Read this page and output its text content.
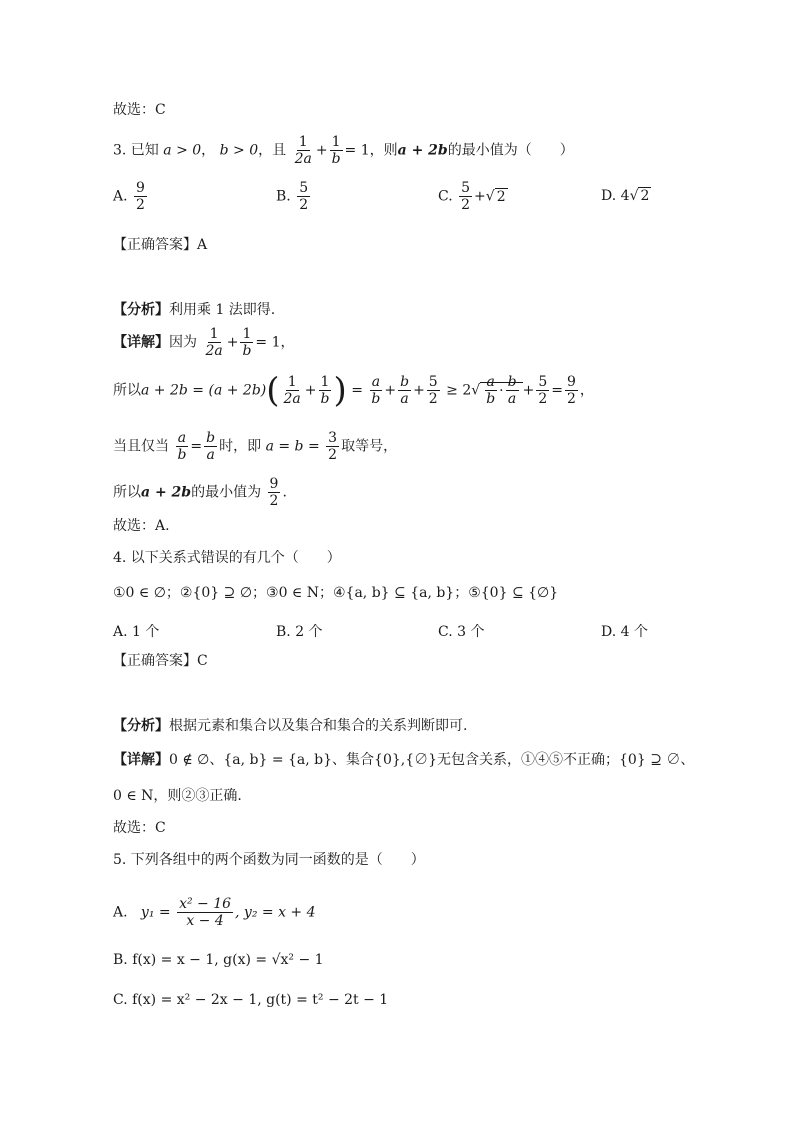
故选：C
3. 已知 a > 0， b > 0，且 $\frac{1}{2a} + \frac{1}{b} = 1$，则a + 2b的最小值为（　　）
A. $\frac{9}{2}$	B. $\frac{5}{2}$	C. $\frac{5}{2}$ +√ 2	D. 4√ 2
【正确答案】A
【分析】利用乘 1 法即得.
【详解】因为 $\frac{1}{2a} + \frac{1}{b} = 1$，
所以$a + 2b = (a + 2b)( \frac{1}{2a} + \frac{1}{b}$ ) = $\frac{a}{b} + \frac{b}{a} + \frac{5}{2} \ge 2√ \frac{a}{b} \cdot \frac{b}{a} + \frac{5}{2} = \frac{9}{2}$ ，
当且仅当 $\frac{a}{b} = \frac{b}{a}$ 时，即 $a = b = \frac{3}{2}$ 取等号，
所以a + 2b的最小值为 $\frac{9}{2}$ .
故选：A.
4. 以下关系式错误的有几个（　　）
①0 ∈ ∅；②{0} ⊇ ∅；③0 ∈ N；④{a, b} ⊆ {a, b}；⑤{0} ⊆ {∅}
A. 1 个	B. 2 个	C. 3 个	D. 4 个
【正确答案】C
【分析】根据元素和集合以及集合和集合的关系判断即可.
【详解】0 ∉ ∅、{a, b} = {a, b}、集合{0},{∅}无包含关系，①④⑤不正确；{0} ⊇ ∅、
0 ∈ N，则②③正确.
故选：C
5. 下列各组中的两个函数为同一函数的是（　　）
A. $y_1 = \frac{\text{x² − 16}}{x - 4}$ , y₂ = x + 4
B. f(x) = x − 1, g(x) = √x² − 1
C. f(x) = x² − 2x − 1, g(t) = t² − 2t − 1
